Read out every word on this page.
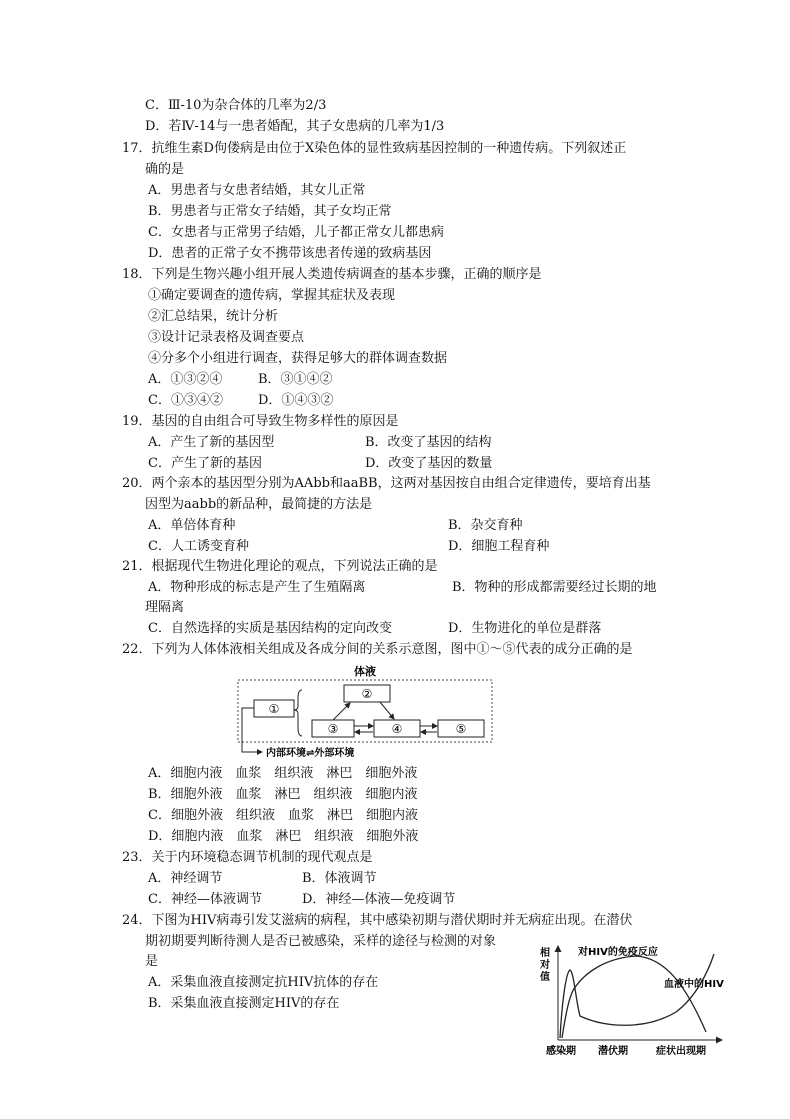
C．Ⅲ-10为杂合体的几率为2/3
D．若Ⅳ-14与一患者婚配，其子女患病的几率为1/3
17．抗维生素D佝偻病是由位于X染色体的显性致病基因控制的一种遗传病。下列叙述正
确的是
A．男患者与女患者结婚，其女儿正常
B．男患者与正常女子结婚，其子女均正常
C．女患者与正常男子结婚，儿子都正常女儿都患病
D．患者的正常子女不携带该患者传递的致病基因
18．下列是生物兴趣小组开展人类遗传病调查的基本步骤，正确的顺序是
①确定要调查的遗传病，掌握其症状及表现
②汇总结果，统计分析
③设计记录表格及调查要点
④分多个小组进行调查，获得足够大的群体调查数据
A．①③②④	B．③①④②
C．①③④②	D．①④③②
19．基因的自由组合可导致生物多样性的原因是
A．产生了新的基因型	B．改变了基因的结构
C．产生了新的基因	D．改变了基因的数量
20．两个亲本的基因型分别为AAbb和aaBB，这两对基因按自由组合定律遗传，要培育出基
因型为aabb的新品种，最简捷的方法是
A．单倍体育种	B．杂交育种
C．人工诱变育种	D．细胞工程育种
21．根据现代生物进化理论的观点，下列说法正确的是
A．物种形成的标志是产生了生殖隔离	B．物种的形成都需要经过长期的地
理隔离
C．自然选择的实质是基因结构的定向改变	D．生物进化的单位是群落
22．下列为人体体液相关组成及各成分间的关系示意图，图中①～⑤代表的成分正确的是
体液
①
②
③	④	⑤
内部环境⇌外部环境
A．细胞内液　血浆　组织液　淋巴　细胞外液
B．细胞外液　血浆　淋巴　组织液　细胞内液
C．细胞外液　组织液　血浆　淋巴　细胞内液
D．细胞内液　血浆　淋巴　组织液　细胞外液
23．关于内环境稳态调节机制的现代观点是
A．神经调节	B．体液调节
C．神经—体液调节	D．神经—体液—免疫调节
24．下图为HIV病毒引发艾滋病的病程，其中感染初期与潜伏期时并无病症出现。在潜伏
期初期要判断待测人是否已被感染，采样的途径与检测的对象
是
A．采集血液直接测定抗HIV抗体的存在
B．采集血液直接测定HIV的存在
相
对
值
对HIV的免疫反应
血液中的HIV
感染期 潜伏期	症状出现期
